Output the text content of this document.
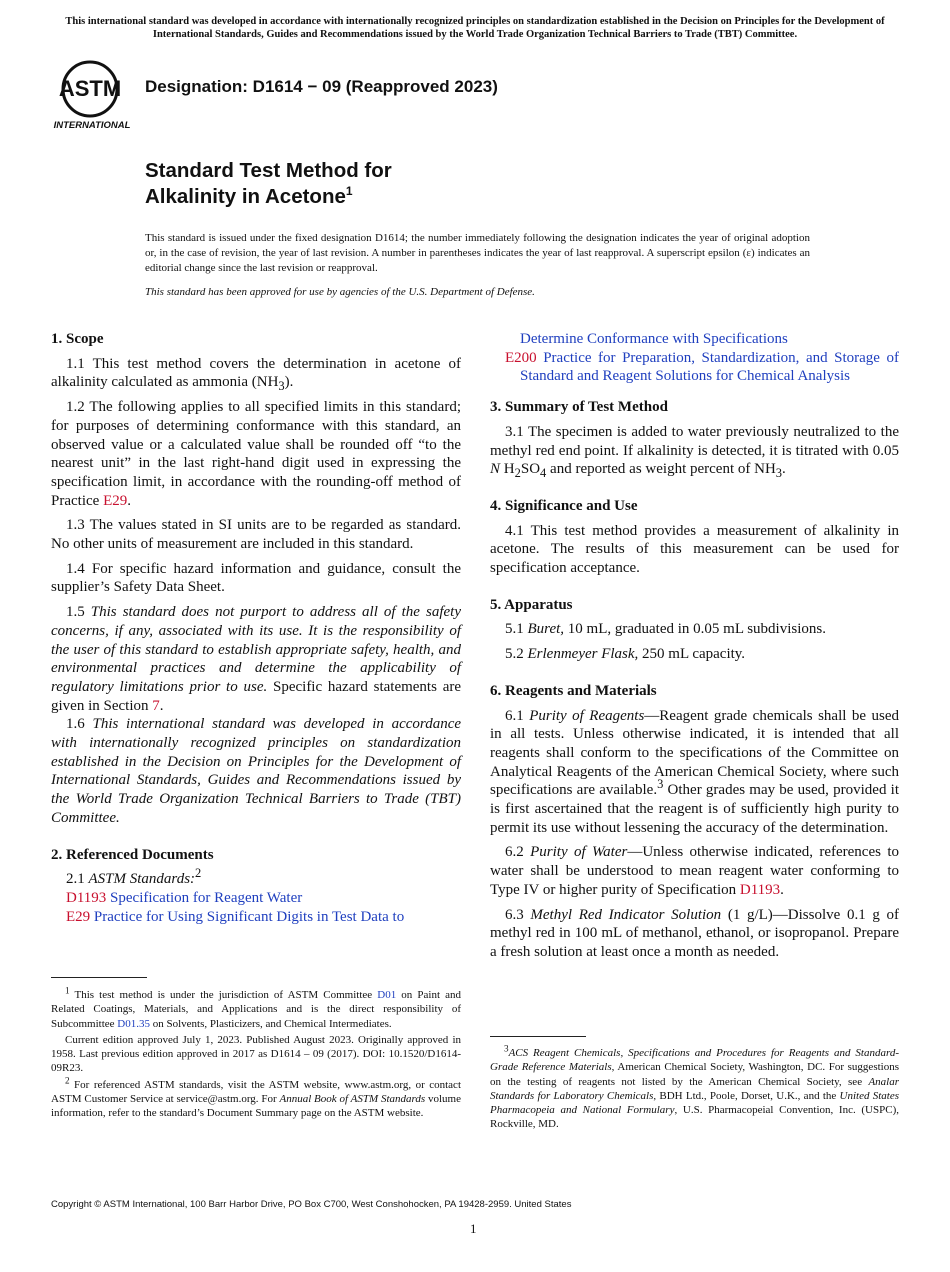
This international standard was developed in accordance with internationally recognized principles on standardization established in the Decision on Principles for the Development of International Standards, Guides and Recommendations issued by the World Trade Organization Technical Barriers to Trade (TBT) Committee.
ASTM
INTERNATIONAL
Designation: D1614 − 09 (Reapproved 2023)
Standard Test Method for
Alkalinity in Acetone$^1$
This standard is issued under the fixed designation D1614; the number immediately following the designation indicates the year of original adoption or, in the case of revision, the year of last revision. A number in parentheses indicates the year of last reapproval. A superscript epsilon (ε) indicates an editorial change since the last revision or reapproval.
This standard has been approved for use by agencies of the U.S. Department of Defense.

1. Scope

1.1 This test method covers the determination in acetone of alkalinity calculated as ammonia $(NH_3)$.

1.2 The following applies to all specified limits in this standard; for purposes of determining conformance with this standard, an observed value or a calculated value shall be rounded off “to the nearest unit” in the last right-hand digit used in expressing the specification limit, in accordance with the rounding-off method of Practice E29.

1.3 The values stated in SI units are to be regarded as standard. No other units of measurement are included in this standard.

1.4 For specific hazard information and guidance, consult the supplier’s Safety Data Sheet.

1.5 This standard does not purport to address all of the safety concerns, if any, associated with its use. It is the responsibility of the user of this standard to establish appropriate safety, health, and environmental practices and determine the applicability of regulatory limitations prior to use. Specific hazard statements are given in Section 7.

1.6 This international standard was developed in accordance with internationally recognized principles on standardization established in the Decision on Principles for the Development of International Standards, Guides and Recommendations issued by the World Trade Organization Technical Barriers to Trade (TBT) Committee.

2. Referenced Documents

2.1 ASTM Standards:$^2$

D1193 Specification for Reagent Water

E29 Practice for Using Significant Digits in Test Data to

$^1$ This test method is under the jurisdiction of ASTM Committee D01 on Paint and Related Coatings, Materials, and Applications and is the direct responsibility of Subcommittee D01.35 on Solvents, Plasticizers, and Chemical Intermediates.

Current edition approved July 1, 2023. Published August 2023. Originally approved in 1958. Last previous edition approved in 2017 as D1614 – 09 (2017). DOI: 10.1520/D1614-09R23.

$^2$ For referenced ASTM standards, visit the ASTM website, www.astm.org, or contact ASTM Customer Service at service@astm.org. For Annual Book of ASTM Standards volume information, refer to the standard’s Document Summary page on the ASTM website.

Determine Conformance with Specifications

E200 Practice for Preparation, Standardization, and Storage of Standard and Reagent Solutions for Chemical Analysis

3. Summary of Test Method

3.1 The specimen is added to water previously neutralized to the methyl red end point. If alkalinity is detected, it is titrated with 0.05 N $H_2SO_4$ and reported as weight percent of $NH_3$.

4. Significance and Use

4.1 This test method provides a measurement of alkalinity in acetone. The results of this measurement can be used for specification acceptance.

5. Apparatus

5.1 Buret, 10 mL, graduated in 0.05 mL subdivisions.

5.2 Erlenmeyer Flask, 250 mL capacity.

6. Reagents and Materials

6.1 Purity of Reagents—Reagent grade chemicals shall be used in all tests. Unless otherwise indicated, it is intended that all reagents shall conform to the specifications of the Committee on Analytical Reagents of the American Chemical Society, where such specifications are available.$^3$ Other grades may be used, provided it is first ascertained that the reagent is of sufficiently high purity to permit its use without lessening the accuracy of the determination.

6.2 Purity of Water—Unless otherwise indicated, references to water shall be understood to mean reagent water conforming to Type IV or higher purity of Specification D1193.

6.3 Methyl Red Indicator Solution (1 g/L)—Dissolve 0.1 g of methyl red in 100 mL of methanol, ethanol, or isopropanol. Prepare a fresh solution at least once a month as needed.

$^3$ACS Reagent Chemicals, Specifications and Procedures for Reagents and Standard-Grade Reference Materials, American Chemical Society, Washington, DC. For suggestions on the testing of reagents not listed by the American Chemical Society, see Analar Standards for Laboratory Chemicals, BDH Ltd., Poole, Dorset, U.K., and the United States Pharmacopeia and National Formulary, U.S. Pharmacopeial Convention, Inc. (USPC), Rockville, MD.

Copyright © ASTM International, 100 Barr Harbor Drive, PO Box C700, West Conshohocken, PA 19428-2959. United States
1
